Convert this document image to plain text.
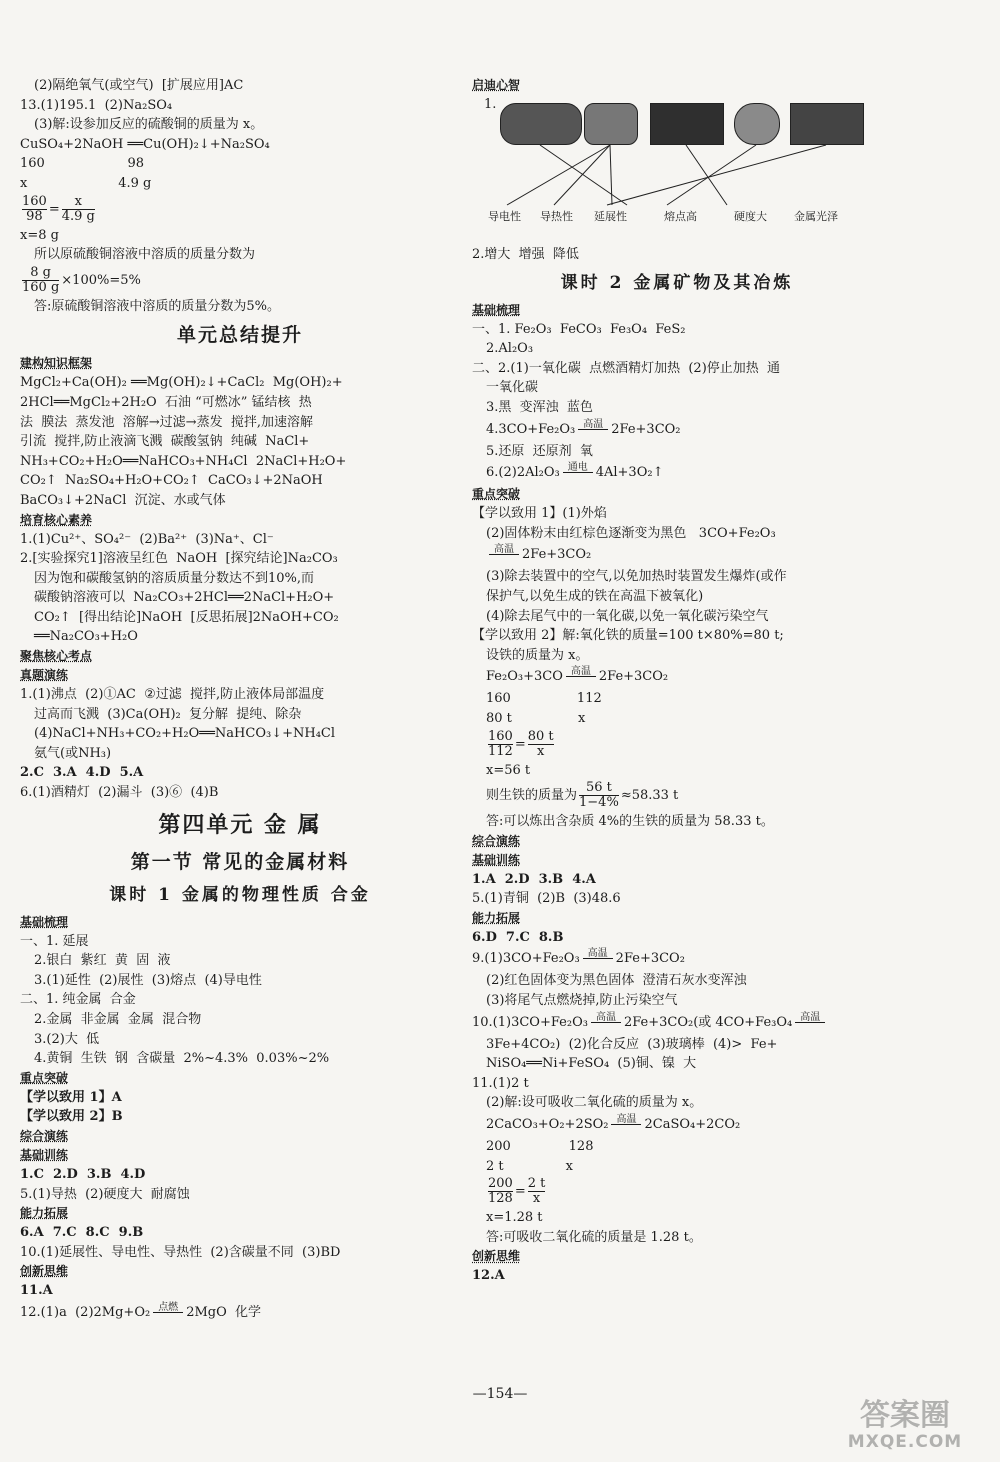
(2)隔绝氧气(或空气)  [扩展应用]AC
13.(1)195.1  (2)Na₂SO₄
(3)解:设参加反应的硫酸铜的质量为 x。
CuSO₄+2NaOH ══Cu(OH)₂↓+Na₂SO₄
160                    98
x                      4.9 g
$\frac{160}{98} = \frac{x}{4.9 g}$
x=8 g
所以原硫酸铜溶液中溶质的质量分数为
$\frac{8 g}{160 g} \times 100\%=5\%$
答:原硫酸铜溶液中溶质的质量分数为5%。
单元总结提升
建构知识框架
MgCl₂+Ca(OH)₂ ══Mg(OH)₂↓+CaCl₂  Mg(OH)₂+
2HCl══MgCl₂+2H₂O  石油 “可燃冰” 锰结核  热
法  膜法  蒸发池  溶解→过滤→蒸发  搅拌,加速溶解
引流  搅拌,防止液滴飞溅  碳酸氢钠  纯碱  NaCl+
NH₃+CO₂+H₂O══NaHCO₃+NH₄Cl  2NaCl+H₂O+
CO₂↑  Na₂SO₄+H₂O+CO₂↑  CaCO₃↓+2NaOH
BaCO₃↓+2NaCl  沉淀、水或气体
培育核心素养
1.(1)Cu²⁺、SO₄²⁻  (2)Ba²⁺  (3)Na⁺、Cl⁻
2.[实验探究1]溶液呈红色  NaOH  [探究结论]Na₂CO₃
因为饱和碳酸氢钠的溶质质量分数达不到10%,而
碳酸钠溶液可以  Na₂CO₃+2HCl══2NaCl+H₂O+
CO₂↑  [得出结论]NaOH  [反思拓展]2NaOH+CO₂
══Na₂CO₃+H₂O
聚焦核心考点
真题演练
1.(1)沸点  (2)①AC  ②过滤  搅拌,防止液体局部温度
过高而飞溅  (3)Ca(OH)₂  复分解  提纯、除杂
(4)NaCl+NH₃+CO₂+H₂O══NaHCO₃↓+NH₄Cl
氨气(或NH₃)
2.C  3.A  4.D  5.A
6.(1)酒精灯  (2)漏斗  (3)⑥  (4)B
第四单元 金 属
第一节 常见的金属材料
课时 1 金属的物理性质 合金
基础梳理
一、1. 延展
2.银白  紫红  黄  固  液
3.(1)延性  (2)展性  (3)熔点  (4)导电性
二、1. 纯金属  合金
2.金属  非金属  金属  混合物
3.(2)大  低
4.黄铜  生铁  钢  含碳量  2%~4.3%  0.03%~2%
重点突破
【学以致用 1】A
【学以致用 2】B
综合演练
基础训练
1.C  2.D  3.B  4.D
5.(1)导热  (2)硬度大  耐腐蚀
能力拓展
6.A  7.C  8.C  9.B
10.(1)延展性、导电性、导热性  (2)含碳量不同  (3)BD
创新思维
11.A
12.(1)a  (2)2Mg+O₂ 点燃 2MgO  化学
启迪心智
1.
导电性 导热性 延展性	熔点高	硬度大 金属光泽
2.增大  增强  降低
课时 2 金属矿物及其冶炼
基础梳理
一、1. Fe₂O₃  FeCO₃  Fe₃O₄  FeS₂
2.Al₂O₃
二、2.(1)一氧化碳  点燃酒精灯加热  (2)停止加热  通
一氧化碳
3.黑  变浑浊  蓝色
4.3CO+Fe₂O₃ 高温 2Fe+3CO₂
5.还原  还原剂  氧
6.(2)2Al₂O₃ 通电 4Al+3O₂↑
重点突破
【学以致用 1】(1)外焰
(2)固体粉末由红棕色逐渐变为黑色   3CO+Fe₂O₃
高温 2Fe+3CO₂
(3)除去装置中的空气,以免加热时装置发生爆炸(或作
保护气,以免生成的铁在高温下被氧化)
(4)除去尾气中的一氧化碳,以免一氧化碳污染空气
【学以致用 2】解:氧化铁的质量=100 t×80%=80 t;
设铁的质量为 x。
Fe₂O₃+3CO 高温 2Fe+3CO₂
160                112
80 t                x
$\frac{160}{112} = \frac{80 t}{x}$
x=56 t
则生铁的质量为 $\frac{56 t}{1-4\%} \approx 58.33$ t
答:可以炼出含杂质 4%的生铁的质量为 58.33 t。
综合演练
基础训练
1.A  2.D  3.B  4.A
5.(1)青铜  (2)B  (3)48.6
能力拓展
6.D  7.C  8.B
9.(1)3CO+Fe₂O₃ 高温 2Fe+3CO₂
(2)红色固体变为黑色固体  澄清石灰水变浑浊
(3)将尾气点燃烧掉,防止污染空气
10.(1)3CO+Fe₂O₃ 高温 2Fe+3CO₂(或 4CO+Fe₃O₄ 高温
3Fe+4CO₂)  (2)化合反应  (3)玻璃棒  (4)>  Fe+
NiSO₄══Ni+FeSO₄  (5)铜、镍  大
11.(1)2 t
(2)解:设可吸收二氧化硫的质量为 x。
2CaCO₃+O₂+2SO₂ 高温 2CaSO₄+2CO₂
200              128
2 t               x
$\frac{200}{128} = \frac{2 t}{x}$
x=1.28 t
答:可吸收二氧化硫的质量是 1.28 t。
创新思维
12.A
—154—
答案圈
MXQE.COM
